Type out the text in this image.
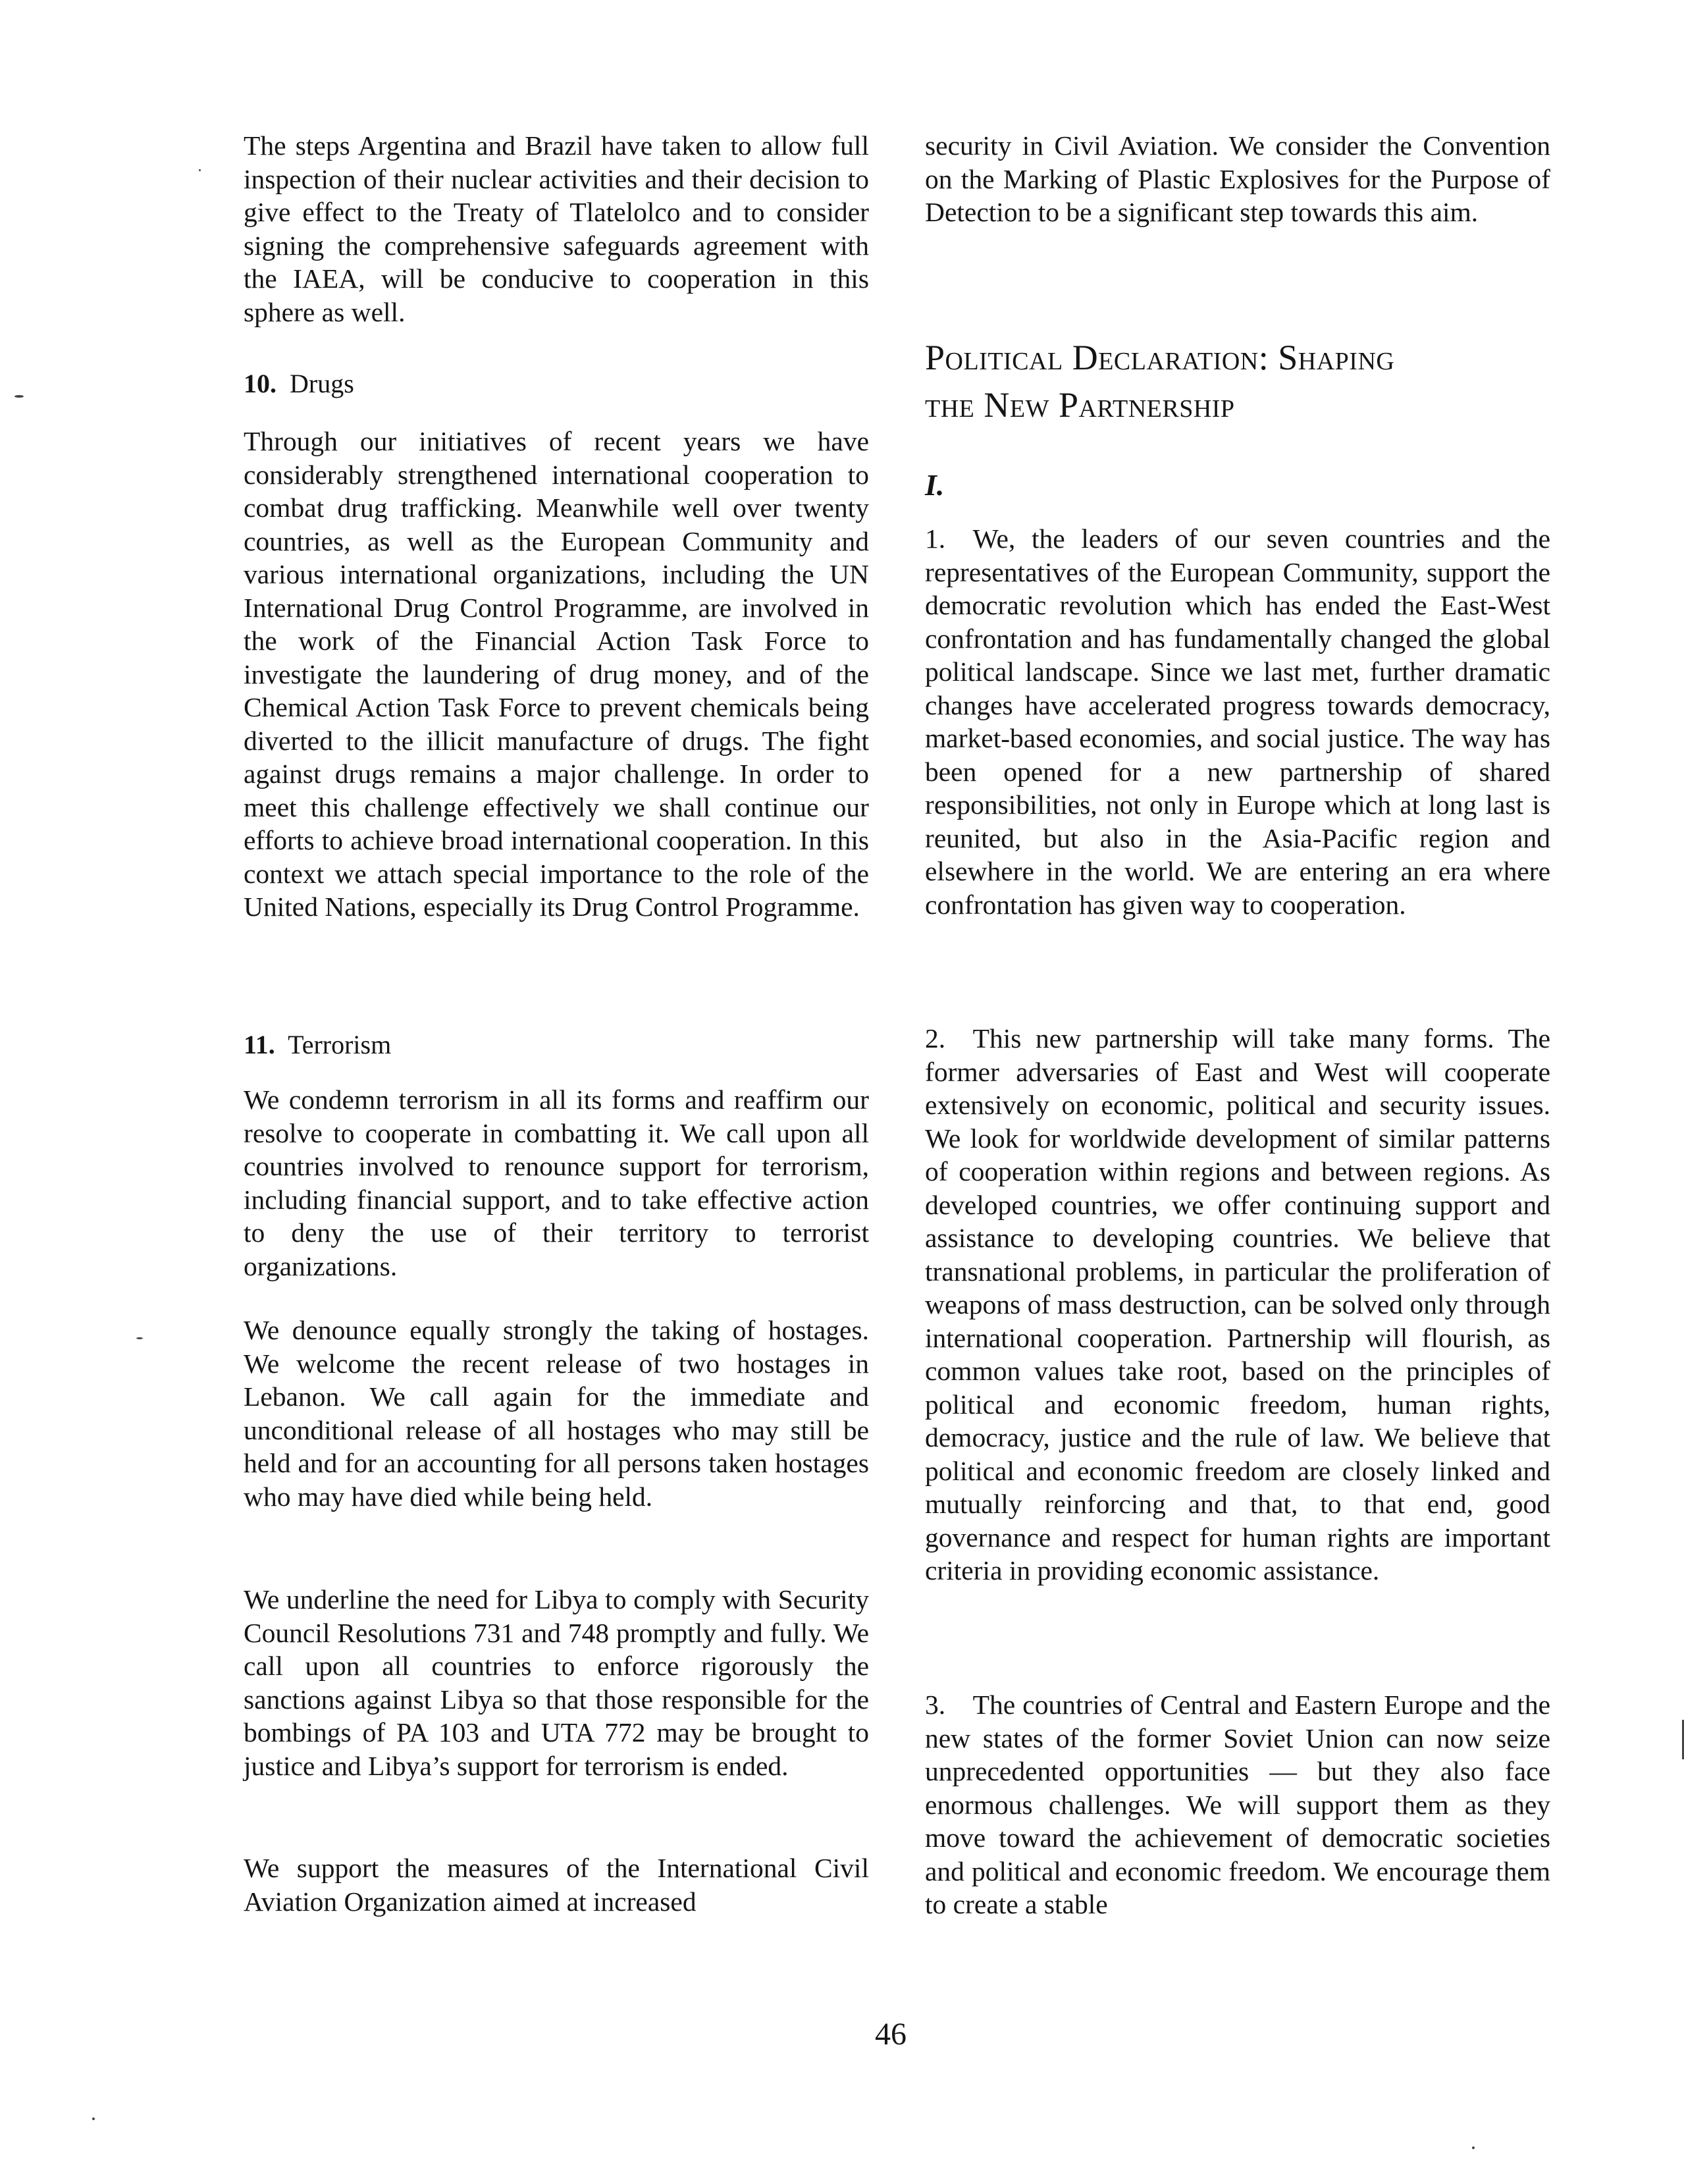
The steps Argentina and Brazil have taken to allow full inspection of their nuclear activities and their decision to give effect to the Treaty of Tlatelolco and to consider signing the comprehensive safeguards agreement with the IAEA, will be conducive to cooperation in this sphere as well.

10. Drugs

Through our initiatives of recent years we have considerably strengthened international cooperation to combat drug trafficking. Meanwhile well over twenty countries, as well as the European Community and various international organizations, including the UN International Drug Control Programme, are involved in the work of the Financial Action Task Force to investigate the laundering of drug money, and of the Chemical Action Task Force to prevent chemicals being diverted to the illicit manufacture of drugs. The fight against drugs remains a major challenge. In order to meet this challenge effectively we shall continue our efforts to achieve broad international cooperation. In this context we attach special importance to the role of the United Nations, especially its Drug Control Programme.

11. Terrorism

We condemn terrorism in all its forms and reaffirm our resolve to cooperate in combatting it. We call upon all countries involved to renounce support for terrorism, including financial support, and to take effective action to deny the use of their territory to terrorist organizations.

We denounce equally strongly the taking of hostages. We welcome the recent release of two hostages in Lebanon. We call again for the immediate and unconditional release of all hostages who may still be held and for an accounting for all persons taken hostages who may have died while being held.

We underline the need for Libya to comply with Security Council Resolutions 731 and 748 promptly and fully. We call upon all countries to enforce rigorously the sanctions against Libya so that those responsible for the bombings of PA 103 and UTA 772 may be brought to justice and Libya’s support for terrorism is ended.

We support the measures of the International Civil Aviation Organization aimed at increased

security in Civil Aviation. We consider the Convention on the Marking of Plastic Explosives for the Purpose of Detection to be a significant step towards this aim.

Political Declaration: Shaping
the New Partnership
I.

1. We, the leaders of our seven countries and the representatives of the European Community, support the democratic revolution which has ended the East-West confrontation and has fundamentally changed the global political landscape. Since we last met, further dramatic changes have accelerated progress towards democracy, market-based economies, and social justice. The way has been opened for a new partnership of shared responsibilities, not only in Europe which at long last is reunited, but also in the Asia-Pacific region and elsewhere in the world. We are entering an era where confrontation has given way to cooperation.

2. This new partnership will take many forms. The former adversaries of East and West will cooperate extensively on economic, political and security issues. We look for worldwide development of similar patterns of cooperation within regions and between regions. As developed countries, we offer continuing support and assistance to developing countries. We believe that transnational problems, in particular the proliferation of weapons of mass destruction, can be solved only through international cooperation. Partnership will flourish, as common values take root, based on the principles of political and economic freedom, human rights, democracy, justice and the rule of law. We believe that political and economic freedom are closely linked and mutually reinforcing and that, to that end, good governance and respect for human rights are important criteria in providing economic assistance.

3. The countries of Central and Eastern Europe and the new states of the former Soviet Union can now seize unprecedented opportunities — but they also face enormous challenges. We will support them as they move toward the achievement of democratic societies and political and economic freedom. We encourage them to create a stable

46
